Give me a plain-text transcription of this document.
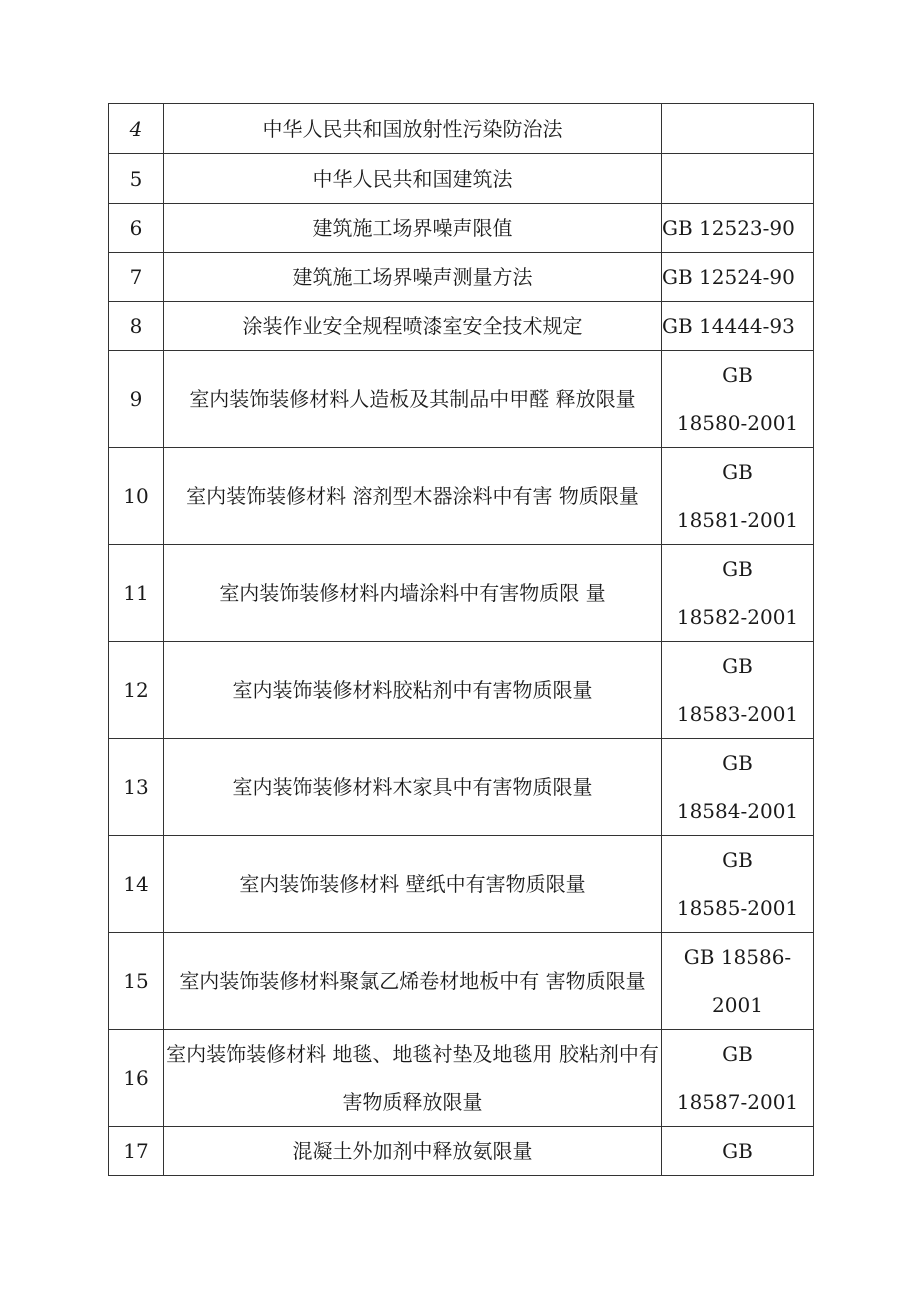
4	中华人民共和国放射性污染防治法	
5	中华人民共和国建筑法	
6	建筑施工场界噪声限值	GB 12523-90
7	建筑施工场界噪声测量方法	GB 12524-90
8	涂装作业安全规程喷漆室安全技术规定	GB 14444-93
9	室内装饰装修材料人造板及其制品中甲醛 释放限量	GB
18580-2001

10	室内装饰装修材料 溶剂型木器涂料中有害 物质限量	GB
18581-2001

11	室内装饰装修材料内墙涂料中有害物质限 量	GB
18582-2001

12	室内装饰装修材料胶粘剂中有害物质限量	GB
18583-2001

13	室内装饰装修材料木家具中有害物质限量	GB
18584-2001

14	室内装饰装修材料 壁纸中有害物质限量	GB
18585-2001

15	室内装饰装修材料聚氯乙烯卷材地板中有 害物质限量	GB 18586-
2001

16	室内装饰装修材料 地毯、地毯衬垫及地毯用 胶粘剂中有害物质释放限量	GB
18587-2001

17	混凝土外加剂中释放氨限量	GB
